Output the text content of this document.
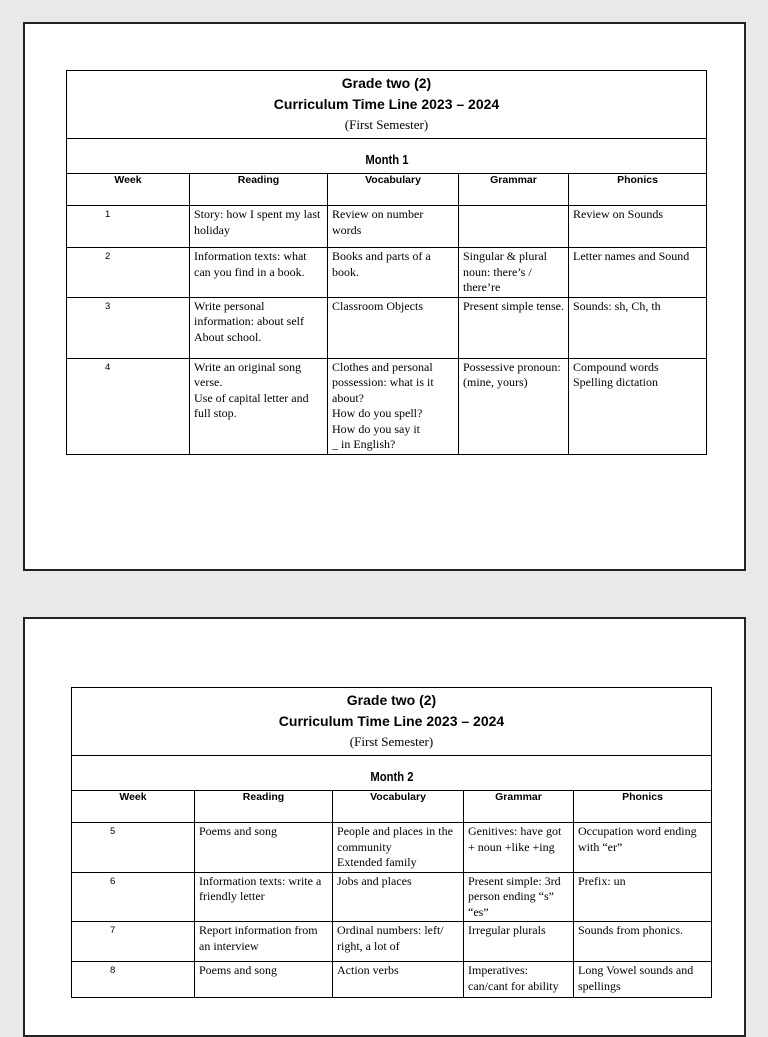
Grade two (2)
Curriculum Time Line 2023 – 2024
(First Semester)				

Month 1				
Week	Reading	Vocabulary	Grammar	Phonics
1	Story: how I spent my last holiday	Review on number words		Review on Sounds
2	Information texts: what can you find in a book.	Books and parts of a book.	Singular & plural noun: there’s / there’re	Letter names and Sound
3	Write personal information: about self
About school.	Classroom Objects	Present simple tense.	Sounds: sh, Ch, th
4	Write an original song verse.
Use of capital letter and full stop.	Clothes and personal possession: what is it about?
How do you spell?
How do you say it
_ in English?	Possessive pronoun: (mine, yours)	Compound words
Spelling dictation
Grade two (2)
Curriculum Time Line 2023 – 2024
(First Semester)				

Month 2				
Week	Reading	Vocabulary	Grammar	Phonics
5	Poems and song	People and places in the community
Extended family	Genitives: have got + noun +like +ing	Occupation word ending with “er”
6	Information texts: write a friendly letter	Jobs and places	Present simple: 3rd person ending “s” “es”	Prefix: un
7	Report information from an interview	Ordinal numbers: left/ right, a lot of	Irregular plurals	Sounds from phonics.
8	Poems and song	Action verbs	Imperatives: can/cant for ability	Long Vowel sounds and spellings
